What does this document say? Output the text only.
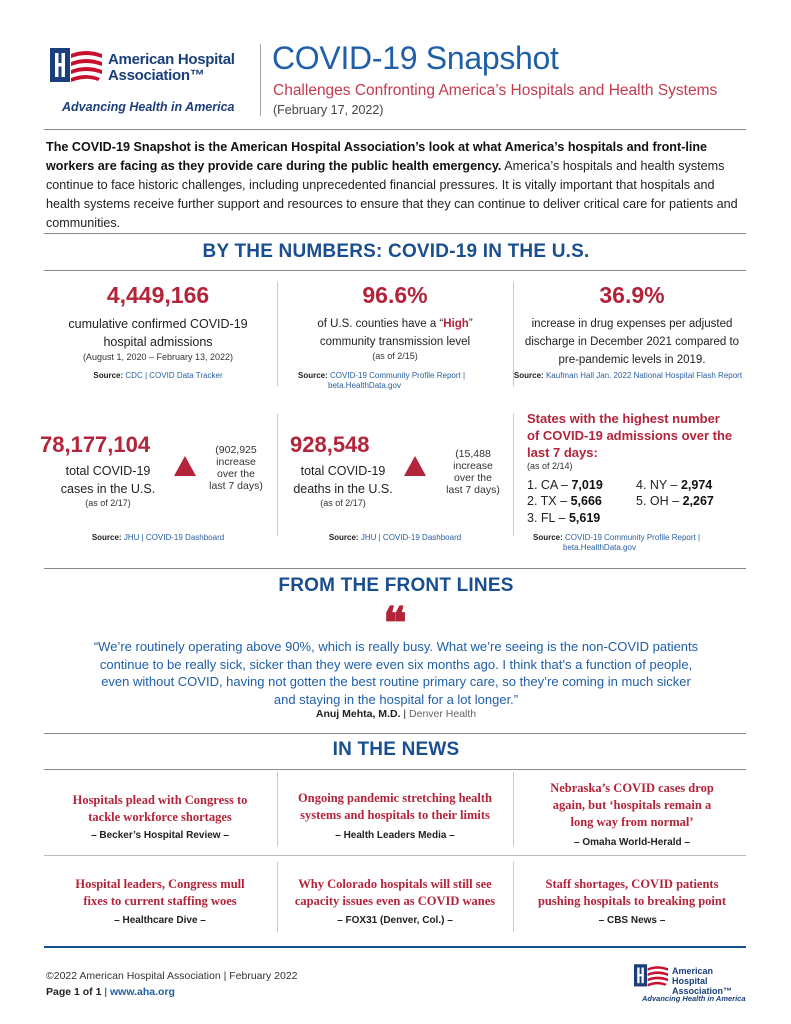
American Hospital
Association™
Advancing Health in America
COVID-19 Snapshot
Challenges Confronting America’s Hospitals and Health Systems
(February 17, 2022)
The COVID-19 Snapshot is the American Hospital Association’s look at what America’s hospitals and front-line workers are facing as they provide care during the public health emergency. America’s hospitals and health systems continue to face historic challenges, including unprecedented financial pressures. It is vitally important that hospitals and health systems receive further support and resources to ensure that they can continue to deliver critical care for patients and communities.
BY THE NUMBERS: COVID-19 IN THE U.S.
4,449,166
cumulative confirmed COVID-19
hospital admissions
(August 1, 2020 – February 13, 2022)
Source: CDC | COVID Data Tracker
96.6%
of U.S. counties have a “High”
community transmission level
(as of 2/15)
Source: COVID-19 Community Profile Report |
beta.HealthData.gov
36.9%
increase in drug expenses per adjusted
discharge in December 2021 compared to
pre-pandemic levels in 2019.
Source: Kaufman Hall Jan. 2022 National Hospital Flash Report
78,177,104
total COVID-19
cases in the U.S.
(as of 2/17)
(902,925
increase
over the
last 7 days)
Source: JHU | COVID-19 Dashboard
928,548
total COVID-19
deaths in the U.S.
(as of 2/17)
(15,488
increase
over the
last 7 days)
Source: JHU | COVID-19 Dashboard
States with the highest number
of COVID-19 admissions over the
last 7 days:
(as of 2/14)
1. CA – 7,019
2. TX – 5,666
3. FL – 5,619
4. NY – 2,974
5. OH – 2,267
Source: COVID-19 Community Profile Report |
beta.HealthData.gov
FROM THE FRONT LINES
❝
“We’re routinely operating above 90%, which is really busy. What we’re seeing is the non-COVID patients continue to be really sick, sicker than they were even six months ago. I think that’s a function of people, even without COVID, having not gotten the best routine primary care, so they’re coming in much sicker and staying in the hospital for a lot longer.”
Anuj Mehta, M.D. | Denver Health
IN THE NEWS
Hospitals plead with Congress to
tackle workforce shortages
– Becker’s Hospital Review –
Ongoing pandemic stretching health
systems and hospitals to their limits
– Health Leaders Media –
Nebraska’s COVID cases drop
again, but ‘hospitals remain a
long way from normal’
– Omaha World-Herald –
Hospital leaders, Congress mull
fixes to current staffing woes
– Healthcare Dive –
Why Colorado hospitals will still see
capacity issues even as COVID wanes
– FOX31 (Denver, Col.) –
Staff shortages, COVID patients
pushing hospitals to breaking point
– CBS News –
©2022 American Hospital Association | February 2022
Page 1 of 1 | www.aha.org
American Hospital
Association™
Advancing Health in America
